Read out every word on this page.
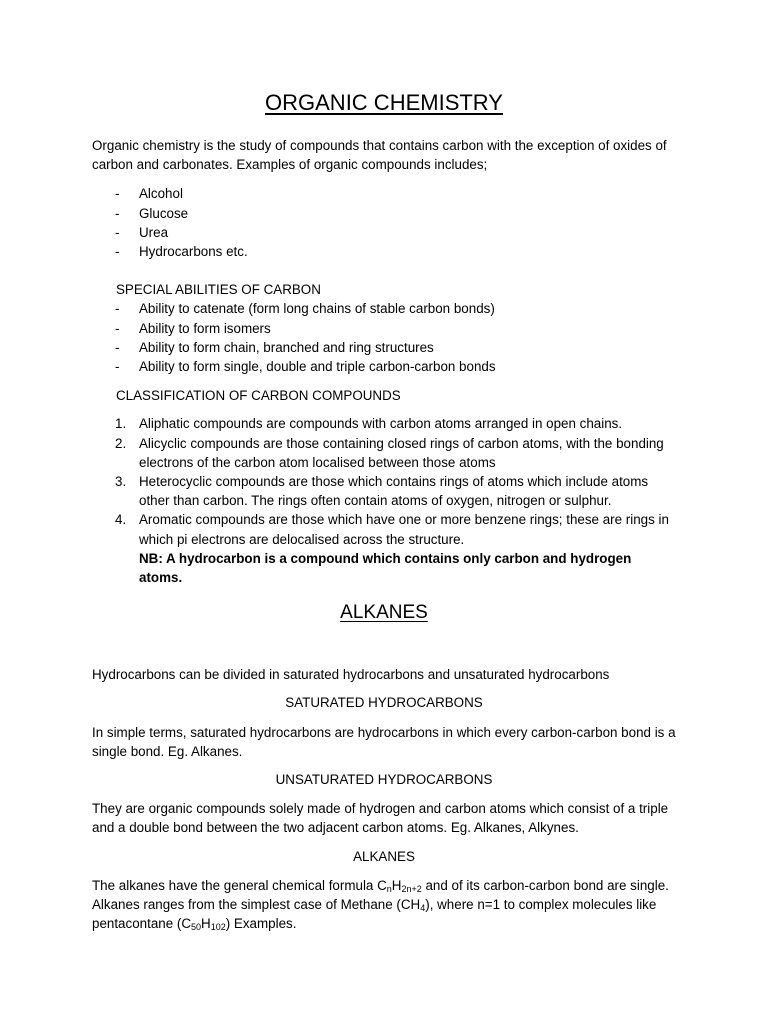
ORGANIC CHEMISTRY

Organic chemistry is the study of compounds that contains carbon with the exception of oxides of carbon and carbonates. Examples of organic compounds includes;

- Alcohol
- Glucose
- Urea
- Hydrocarbons etc.

SPECIAL ABILITIES OF CARBON

- Ability to catenate (form long chains of stable carbon bonds)
- Ability to form isomers
- Ability to form chain, branched and ring structures
- Ability to form single, double and triple carbon-carbon bonds

CLASSIFICATION OF CARBON COMPOUNDS

1. Aliphatic compounds are compounds with carbon atoms arranged in open chains.
2. Alicyclic compounds are those containing closed rings of carbon atoms, with the bonding electrons of the carbon atom localised between those atoms
3. Heterocyclic compounds are those which contains rings of atoms which include atoms other than carbon. The rings often contain atoms of oxygen, nitrogen or sulphur.
4. Aromatic compounds are those which have one or more benzene rings; these are rings in which pi electrons are delocalised across the structure.

NB: A hydrocarbon is a compound which contains only carbon and hydrogen atoms.

ALKANES

Hydrocarbons can be divided in saturated hydrocarbons and unsaturated hydrocarbons

SATURATED HYDROCARBONS

In simple terms, saturated hydrocarbons are hydrocarbons in which every carbon-carbon bond is a single bond. Eg. Alkanes.

UNSATURATED HYDROCARBONS

They are organic compounds solely made of hydrogen and carbon atoms which consist of a triple and a double bond between the two adjacent carbon atoms. Eg. Alkanes, Alkynes.

ALKANES

The alkanes have the general chemical formula $C_nH_{2n+2}$ and of its carbon-carbon bond are single. Alkanes ranges from the simplest case of Methane $(CH_4)$, where n=1 to complex molecules like pentacontane $(C_{50}H_{102})$ Examples.
